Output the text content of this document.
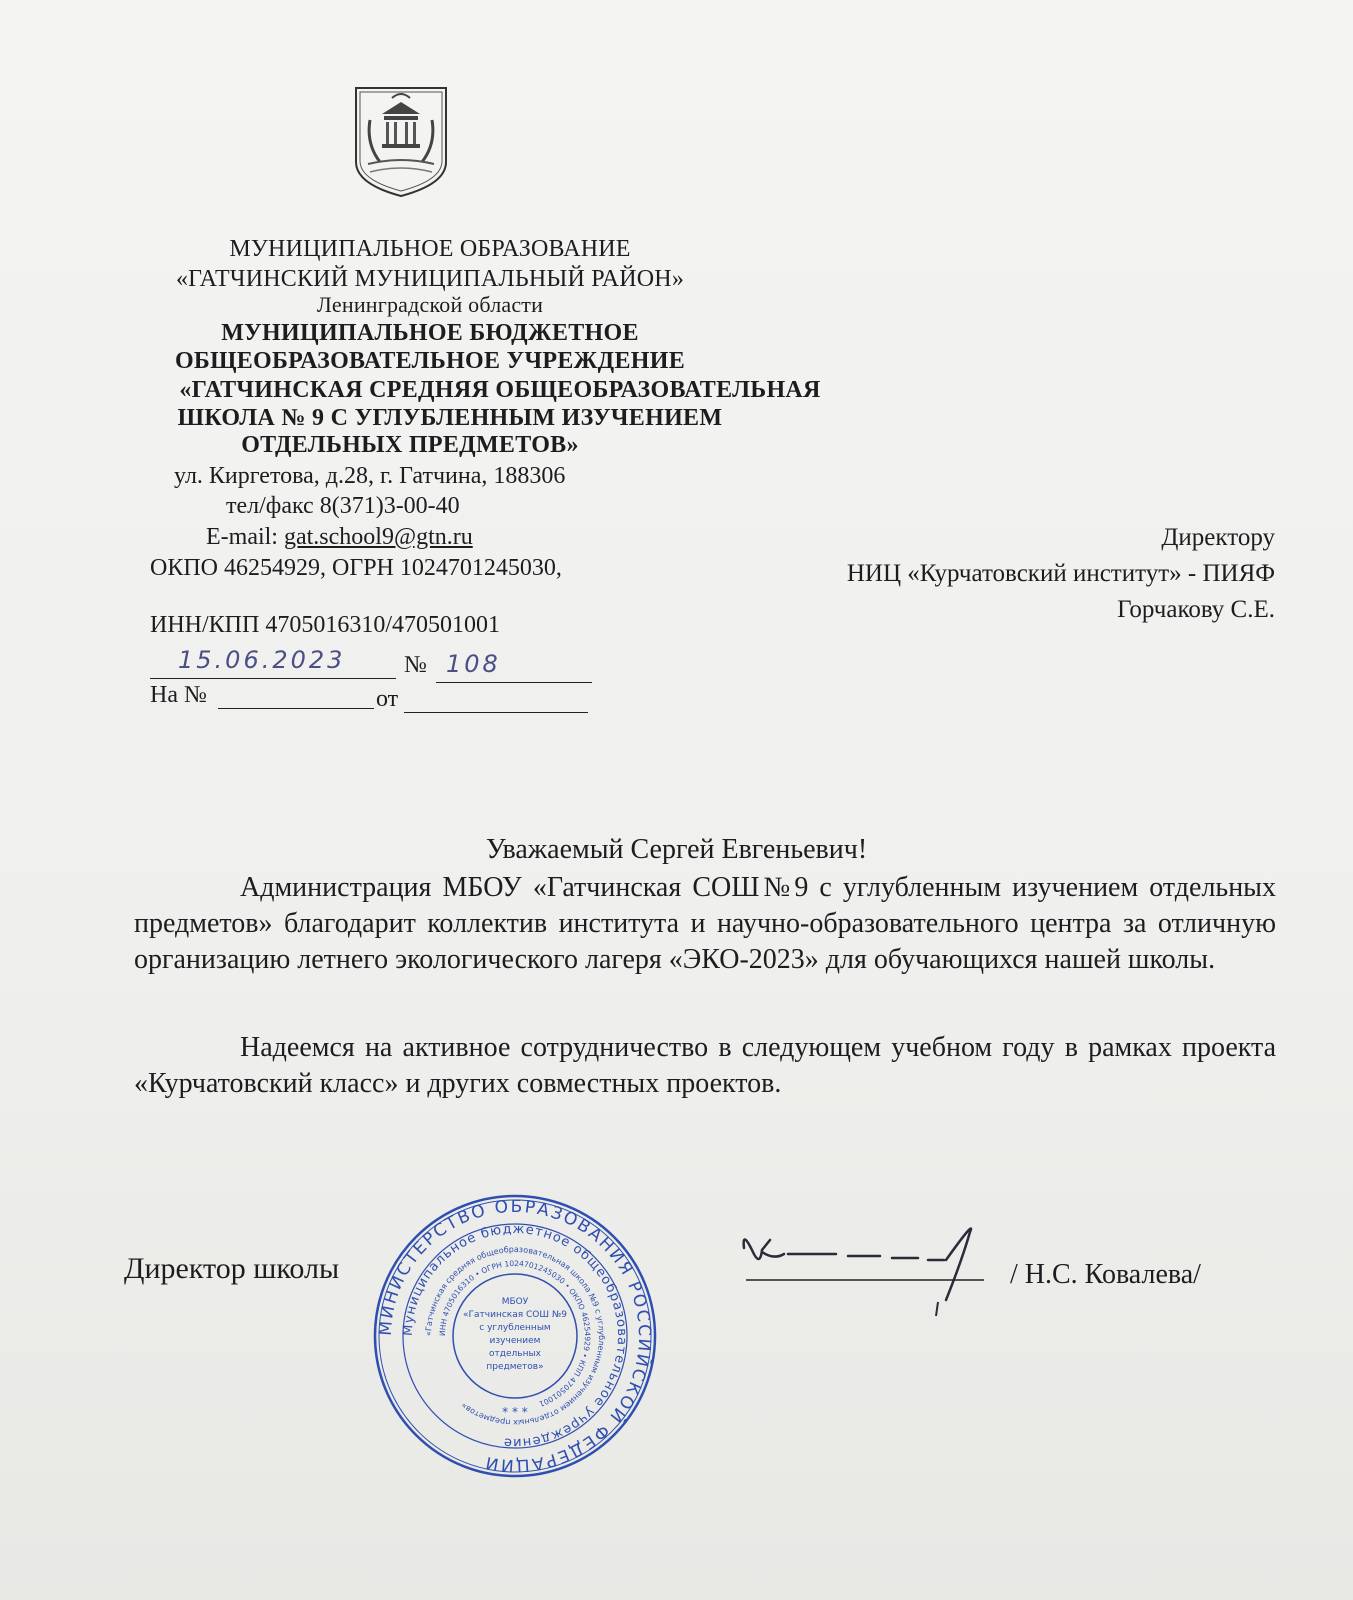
МУНИЦИПАЛЬНОЕ ОБРАЗОВАНИЕ
«ГАТЧИНСКИЙ МУНИЦИПАЛЬНЫЙ РАЙОН»
Ленинградской области
МУНИЦИПАЛЬНОЕ БЮДЖЕТНОЕ
ОБЩЕОБРАЗОВАТЕЛЬНОЕ УЧРЕЖДЕНИЕ
«ГАТЧИНСКАЯ СРЕДНЯЯ ОБЩЕОБРАЗОВАТЕЛЬНАЯ
ШКОЛА № 9 С УГЛУБЛЕННЫМ ИЗУЧЕНИЕМ
ОТДЕЛЬНЫХ ПРЕДМЕТОВ»
ул. Киргетова, д.28, г. Гатчина, 188306
тел/факс 8(371)3-00-40
E-mail: gat.school9@gtn.ru
ОКПО 46254929, ОГРН 1024701245030,
ИНН/КПП 4705016310/470501001
15.06.2023 № 108
На №	от
Директору
НИЦ «Курчатовский институт» - ПИЯФ
Горчакову С.Е.
Уважаемый Сергей Евгеньевич!
Администрация МБОУ «Гатчинская СОШ№9 с углубленным изучением отдельных предметов» благодарит коллектив института и научно-образовательного центра за отличную организацию летнего экологического лагеря «ЭКО-2023» для обучающихся нашей школы.
Надеемся на активное сотрудничество в следующем учебном году в рамках проекта «Курчатовский класс» и других совместных проектов.
Директор школы
МИНИСТЕРСТВО ОБРАЗОВАНИЯ РОССИЙСКОЙ ФЕДЕРАЦИИ
Муниципальное бюджетное общеобразовательное учреждение
«Гатчинская средняя общеобразовательная школа №9 с углубленным изучением отдельных предметов»
ИНН 4705016310 • ОГРН 1024701245030 • ОКПО 46254929 • КПП 470501001
МБОУ
«Гатчинская СОШ №9
с углубленным
изучением
отдельных
предметов»
* * *
/ Н.С. Ковалева/
